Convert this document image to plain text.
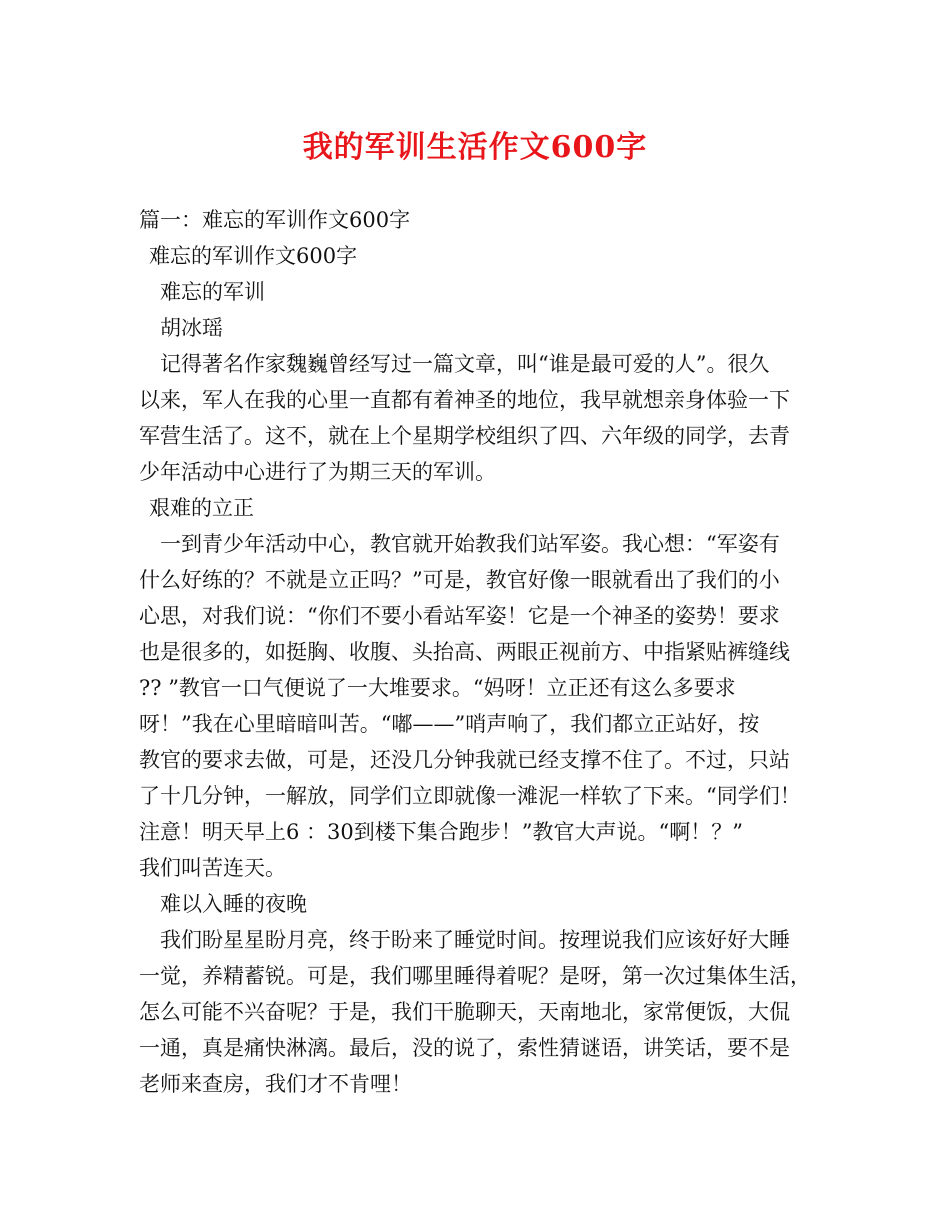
我的军训生活作文600字
篇一：难忘的军训作文600字
难忘的军训作文600字
难忘的军训
胡冰瑶
记得著名作家魏巍曾经写过一篇文章，叫“谁是最可爱的人”。很久
以来，军人在我的心里一直都有着神圣的地位，我早就想亲身体验一下
军营生活了。这不，就在上个星期学校组织了四、六年级的同学，去青
少年活动中心进行了为期三天的军训。
艰难的立正
一到青少年活动中心，教官就开始教我们站军姿。我心想：“军姿有
什么好练的？不就是立正吗？”可是，教官好像一眼就看出了我们的小
心思，对我们说：“你们不要小看站军姿！它是一个神圣的姿势！要求
也是很多的，如挺胸、收腹、头抬高、两眼正视前方、中指紧贴裤缝线
?? ”教官一口气便说了一大堆要求。“妈呀！立正还有这么多要求
呀！”我在心里暗暗叫苦。“嘟——”哨声响了，我们都立正站好，按
教官的要求去做，可是，还没几分钟我就已经支撑不住了。不过，只站
了十几分钟，一解放，同学们立即就像一滩泥一样软了下来。“同学们！
注意！明天早上6 ：30到楼下集合跑步！”教官大声说。“啊！？”
我们叫苦连天。
难以入睡的夜晚
我们盼星星盼月亮，终于盼来了睡觉时间。按理说我们应该好好大睡
一觉，养精蓄锐。可是，我们哪里睡得着呢？是呀，第一次过集体生活，
怎么可能不兴奋呢？于是，我们干脆聊天，天南地北，家常便饭，大侃
一通，真是痛快淋漓。最后，没的说了，索性猜谜语，讲笑话，要不是
老师来查房，我们才不肯哩！
